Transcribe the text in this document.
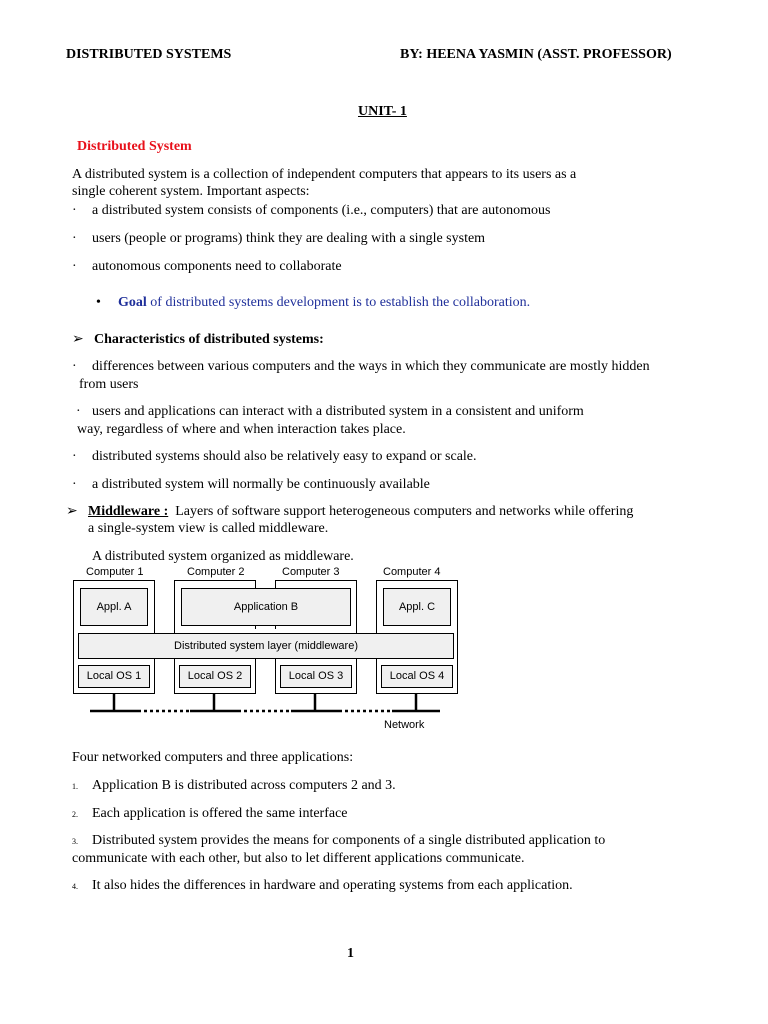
DISTRIBUTED SYSTEMS	BY: HEENA YASMIN (ASST. PROFESSOR)
UNIT- 1
Distributed System
A distributed system is a collection of independent computers that appears to its users as a
single coherent system. Important aspects:
· a distributed system consists of components (i.e., computers) that are autonomous
· users (people or programs) think they are dealing with a single system
· autonomous components need to collaborate
• Goal of distributed systems development is to establish the collaboration.
➢ Characteristics of distributed systems:
· differences between various computers and the ways in which they communicate are mostly hidden
from users
· users and applications can interact with a distributed system in a consistent and uniform
way, regardless of where and when interaction takes place.
· distributed systems should also be relatively easy to expand or scale.
· a distributed system will normally be continuously available
➢ Middleware : Layers of software support heterogeneous computers and networks while offering
a single-system view is called middleware.
A distributed system organized as middleware.
Computer 1	Computer 2	Computer 3	Computer 4
Appl. A	Application B	Appl. C
Distributed system layer (middleware)
Local OS 1	Local OS 2	Local OS 3	Local OS 4
Network
Four networked computers and three applications:
1. Application B is distributed across computers 2 and 3.
2. Each application is offered the same interface
3. Distributed system provides the means for components of a single distributed application to
communicate with each other, but also to let different applications communicate.
4. It also hides the differences in hardware and operating systems from each application.
1
